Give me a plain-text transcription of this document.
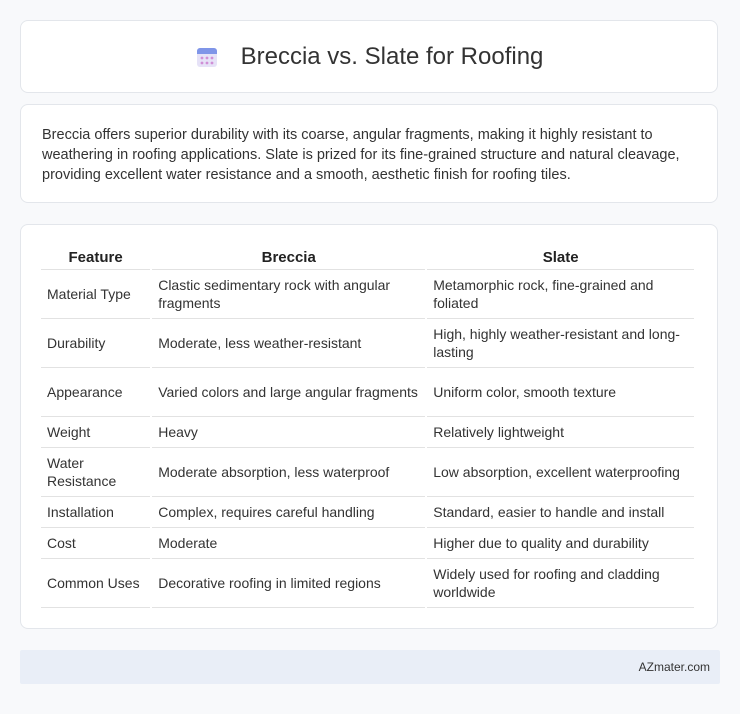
Breccia vs. Slate for Roofing

Breccia offers superior durability with its coarse, angular fragments, making it highly resistant to weathering in roofing applications. Slate is prized for its fine-grained structure and natural cleavage, providing excellent water resistance and a smooth, aesthetic finish for roofing tiles.

Feature	Breccia	Slate
Material Type	Clastic sedimentary rock with angular fragments	Metamorphic rock, fine-grained and foliated
Durability	Moderate, less weather-resistant	High, highly weather-resistant and long-lasting
Appearance	Varied colors and large angular fragments	Uniform color, smooth texture
Weight	Heavy	Relatively lightweight
Water Resistance	Moderate absorption, less waterproof	Low absorption, excellent waterproofing
Installation	Complex, requires careful handling	Standard, easier to handle and install
Cost	Moderate	Higher due to quality and durability
Common Uses	Decorative roofing in limited regions	Widely used for roofing and cladding worldwide
AZmater.com
